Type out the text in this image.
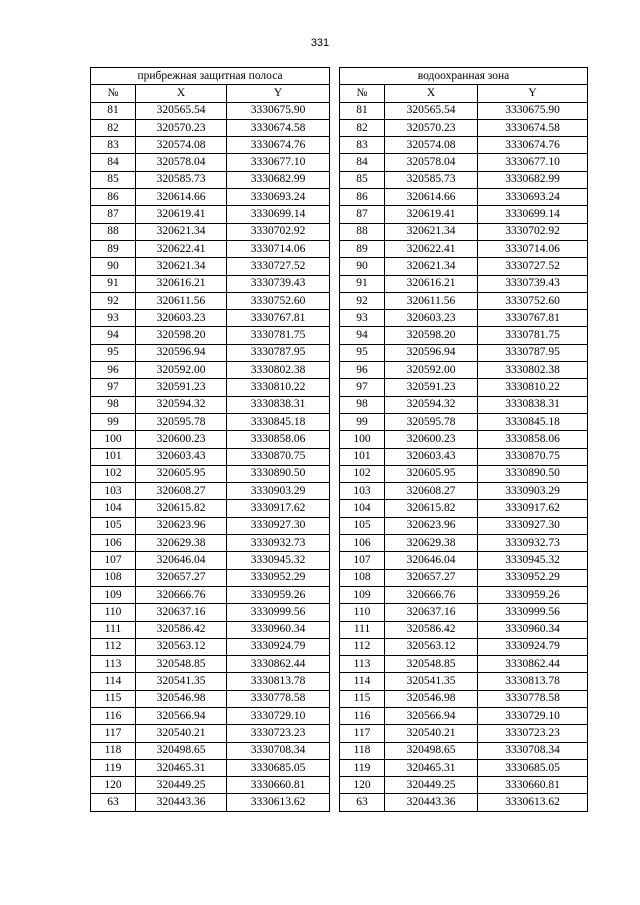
331
прибрежная защитная полоса				водоохранная зона		
№	X	Y		№	X	Y
81	320565.54	3330675.90		81	320565.54	3330675.90
82	320570.23	3330674.58		82	320570.23	3330674.58
83	320574.08	3330674.76		83	320574.08	3330674.76
84	320578.04	3330677.10		84	320578.04	3330677.10
85	320585.73	3330682.99		85	320585.73	3330682.99
86	320614.66	3330693.24		86	320614.66	3330693.24
87	320619.41	3330699.14		87	320619.41	3330699.14
88	320621.34	3330702.92		88	320621.34	3330702.92
89	320622.41	3330714.06		89	320622.41	3330714.06
90	320621.34	3330727.52		90	320621.34	3330727.52
91	320616.21	3330739.43		91	320616.21	3330739.43
92	320611.56	3330752.60		92	320611.56	3330752.60
93	320603.23	3330767.81		93	320603.23	3330767.81
94	320598.20	3330781.75		94	320598.20	3330781.75
95	320596.94	3330787.95		95	320596.94	3330787.95
96	320592.00	3330802.38		96	320592.00	3330802.38
97	320591.23	3330810.22		97	320591.23	3330810.22
98	320594.32	3330838.31		98	320594.32	3330838.31
99	320595.78	3330845.18		99	320595.78	3330845.18
100	320600.23	3330858.06		100	320600.23	3330858.06
101	320603.43	3330870.75		101	320603.43	3330870.75
102	320605.95	3330890.50		102	320605.95	3330890.50
103	320608.27	3330903.29		103	320608.27	3330903.29
104	320615.82	3330917.62		104	320615.82	3330917.62
105	320623.96	3330927.30		105	320623.96	3330927.30
106	320629.38	3330932.73		106	320629.38	3330932.73
107	320646.04	3330945.32		107	320646.04	3330945.32
108	320657.27	3330952.29		108	320657.27	3330952.29
109	320666.76	3330959.26		109	320666.76	3330959.26
110	320637.16	3330999.56		110	320637.16	3330999.56
111	320586.42	3330960.34		111	320586.42	3330960.34
112	320563.12	3330924.79		112	320563.12	3330924.79
113	320548.85	3330862.44		113	320548.85	3330862.44
114	320541.35	3330813.78		114	320541.35	3330813.78
115	320546.98	3330778.58		115	320546.98	3330778.58
116	320566.94	3330729.10		116	320566.94	3330729.10
117	320540.21	3330723.23		117	320540.21	3330723.23
118	320498.65	3330708.34		118	320498.65	3330708.34
119	320465.31	3330685.05		119	320465.31	3330685.05
120	320449.25	3330660.81		120	320449.25	3330660.81
63	320443.36	3330613.62		63	320443.36	3330613.62
